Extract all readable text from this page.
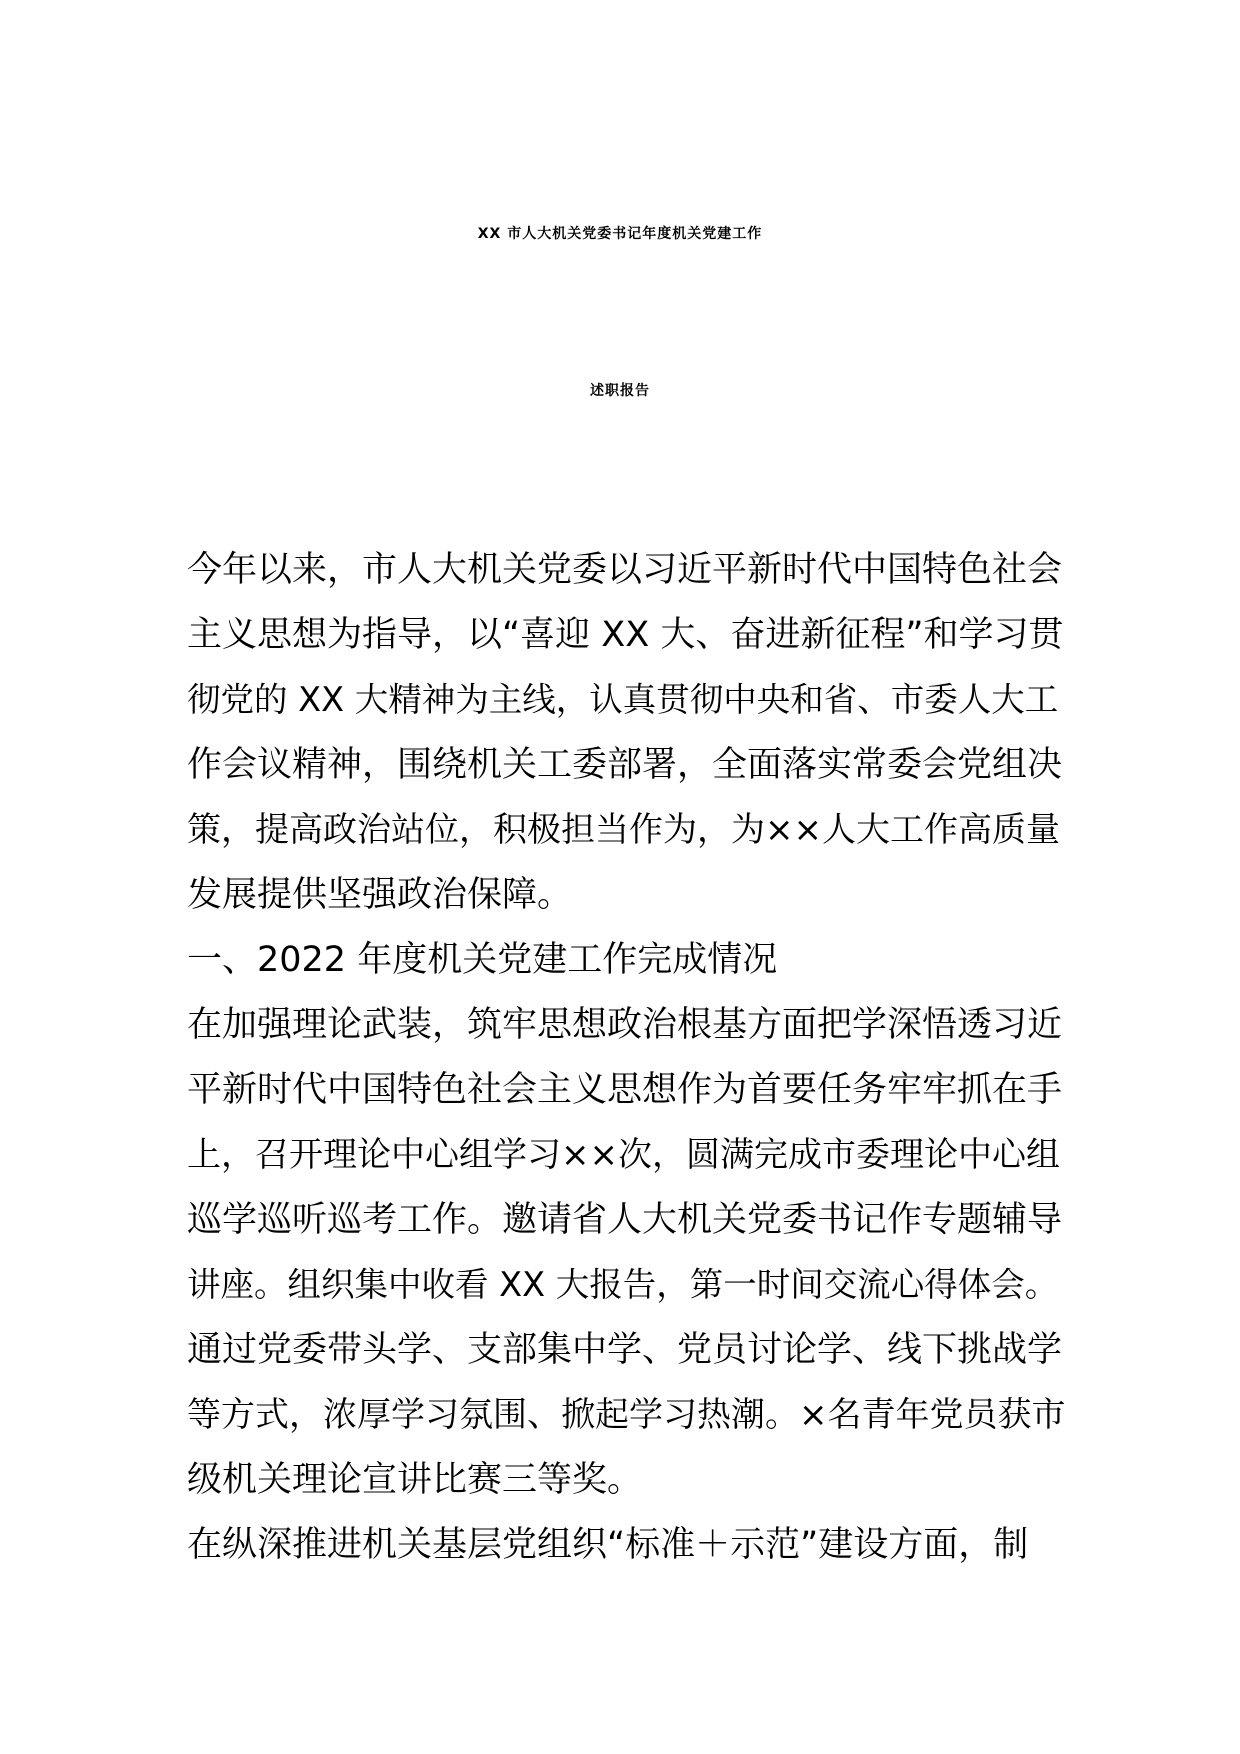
XX 市人大机关党委书记年度机关党建工作
述职报告
今年以来，市人大机关党委以习近平新时代中国特色社会
主义思想为指导，以“喜迎 XX 大、奋进新征程”和学习贯
彻党的 XX 大精神为主线，认真贯彻中央和省、市委人大工
作会议精神，围绕机关工委部署，全面落实常委会党组决
策，提高政治站位，积极担当作为，为××人大工作高质量
发展提供坚强政治保障。
一、2022 年度机关党建工作完成情况
在加强理论武装，筑牢思想政治根基方面把学深悟透习近
平新时代中国特色社会主义思想作为首要任务牢牢抓在手
上，召开理论中心组学习××次，圆满完成市委理论中心组
巡学巡听巡考工作。邀请省人大机关党委书记作专题辅导
讲座。组织集中收看 XX 大报告，第一时间交流心得体会。
通过党委带头学、支部集中学、党员讨论学、线下挑战学
等方式，浓厚学习氛围、掀起学习热潮。×名青年党员获市
级机关理论宣讲比赛三等奖。
在纵深推进机关基层党组织“标准＋示范”建设方面，制
